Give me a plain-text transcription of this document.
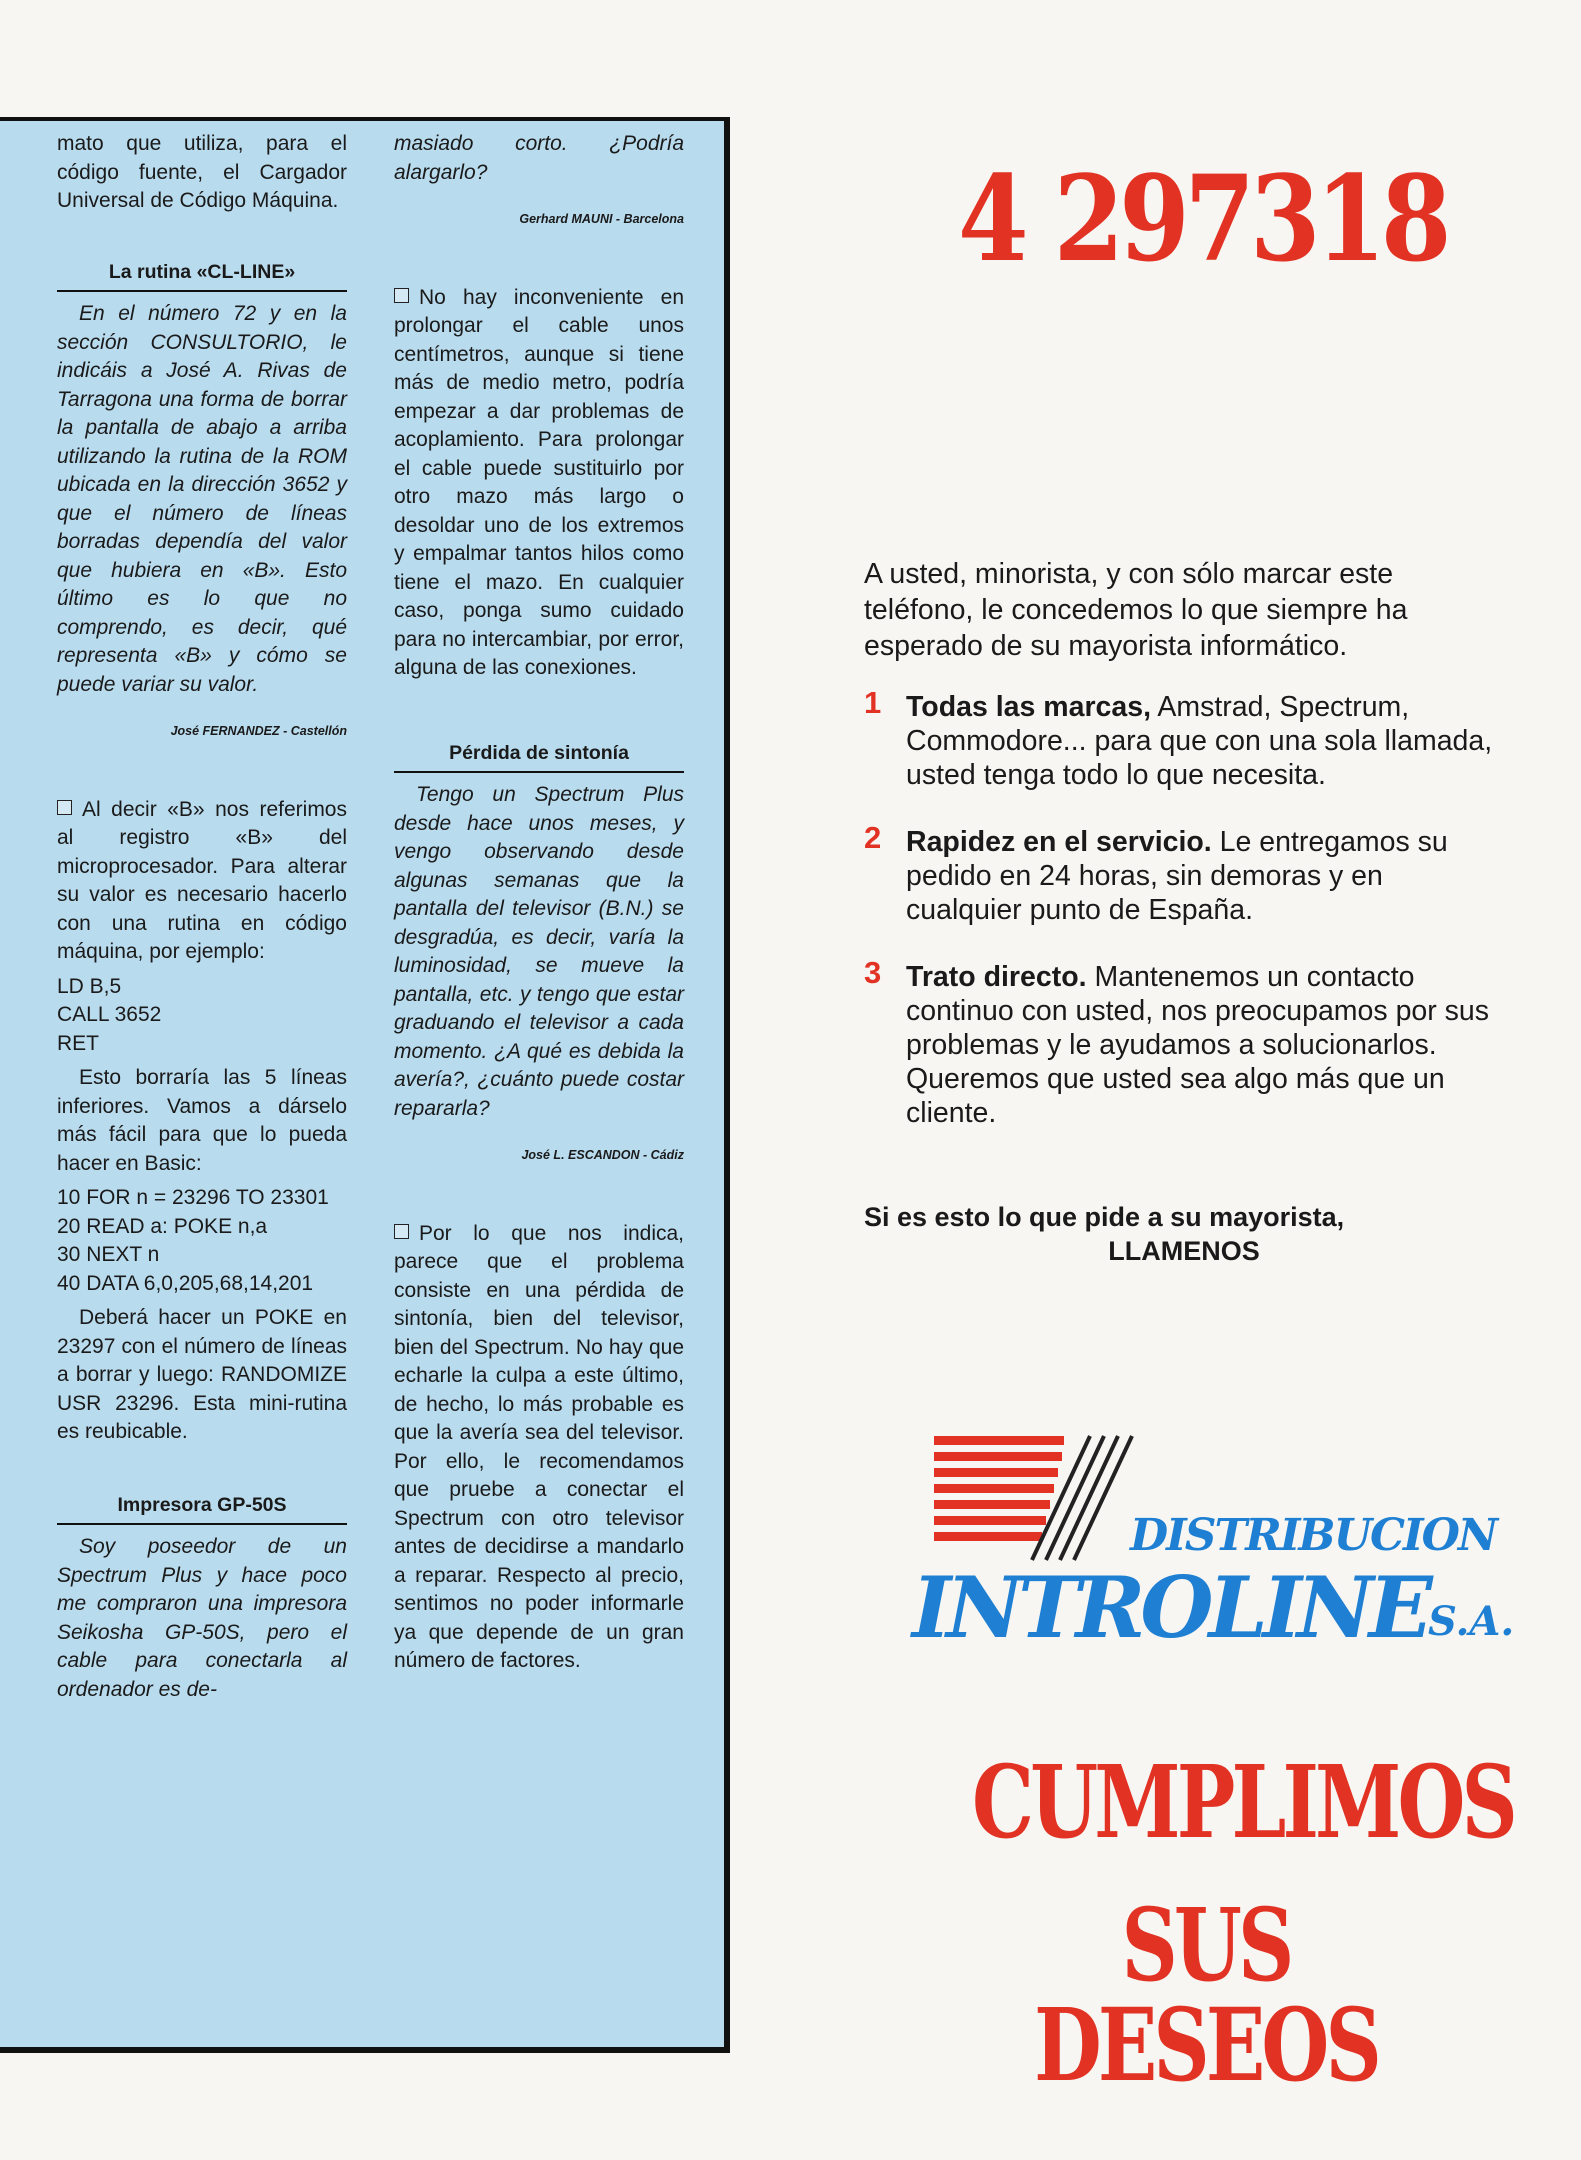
mato que utiliza, para el código fuente, el Cargador Universal de Código Máquina.

La rutina «CL-LINE»

En el número 72 y en la sección CONSULTORIO, le indicáis a José A. Rivas de Tarragona una forma de borrar la pantalla de abajo a arriba utilizando la rutina de la ROM ubicada en la dirección 3652 y que el número de líneas borradas dependía del valor que hubiera en «B». Esto último es lo que no comprendo, es decir, qué representa «B» y cómo se puede variar su valor.

José FERNANDEZ - Castellón

Al decir «B» nos referimos al registro «B» del microprocesador. Para alterar su valor es necesario hacerlo con una rutina en código máquina, por ejemplo:

LD B,5
CALL 3652
RET

Esto borraría las 5 líneas inferiores. Vamos a dárselo más fácil para que lo pueda hacer en Basic:

10 FOR n = 23296 TO 23301
20 READ a: POKE n,a
30 NEXT n
40 DATA 6,0,205,68,14,201

Deberá hacer un POKE en 23297 con el número de líneas a borrar y luego: RANDOMIZE USR 23296. Esta mini-rutina es reubicable.

Impresora GP-50S

Soy poseedor de un Spectrum Plus y hace poco me compraron una impresora Seikosha GP-50S, pero el cable para conectarla al ordenador es de-

masiado corto. ¿Podría alargarlo?

Gerhard MAUNI - Barcelona

No hay inconveniente en prolongar el cable unos centímetros, aunque si tiene más de medio metro, podría empezar a dar problemas de acoplamiento. Para prolongar el cable puede sustituirlo por otro mazo más largo o desoldar uno de los extremos y empalmar tantos hilos como tiene el mazo. En cualquier caso, ponga sumo cuidado para no intercambiar, por error, alguna de las conexiones.

Pérdida de sintonía

Tengo un Spectrum Plus desde hace unos meses, y vengo observando desde algunas semanas que la pantalla del televisor (B.N.) se desgradúa, es decir, varía la luminosidad, se mueve la pantalla, etc. y tengo que estar graduando el televisor a cada momento. ¿A qué es debida la avería?, ¿cuánto puede costar repararla?

José L. ESCANDON - Cádiz

Por lo que nos indica, parece que el problema consiste en una pérdida de sintonía, bien del televisor, bien del Spectrum. No hay que echarle la culpa a este último, de hecho, lo más probable es que la avería sea del televisor. Por ello, le recomendamos que pruebe a conectar el Spectrum con otro televisor antes de decidirse a mandarlo a reparar. Respecto al precio, sentimos no poder informarle ya que depende de un gran número de factores.

4 297318
A usted, minorista, y con sólo marcar este teléfono, le concedemos lo que siempre ha esperado de su mayorista informático.
1 Todas las marcas, Amstrad, Spectrum, Commodore... para que con una sola llamada, usted tenga todo lo que necesita.
2 Rapidez en el servicio. Le entregamos su pedido en 24 horas, sin demoras y en cualquier punto de España.
3 Trato directo. Mantenemos un contacto continuo con usted, nos preocupamos por sus problemas y le ayudamos a solucionarlos. Queremos que usted sea algo más que un cliente.
Si es esto lo que pide a su mayorista,
LLAMENOS
DISTRIBUCION
INTROLINE S.A.
CUMPLIMOS
SUS DESEOS
